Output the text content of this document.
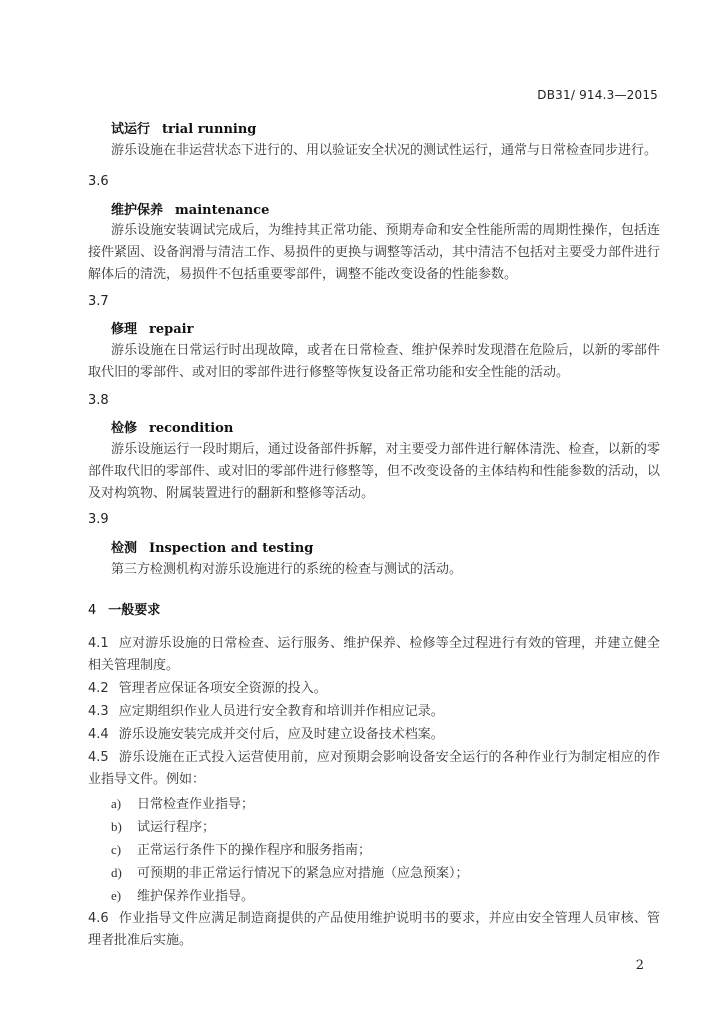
DB31/ 914.3—2015
试运行 trial running
游乐设施在非运营状态下进行的、用以验证安全状况的测试性运行，通常与日常检查同步进行。
3.6
维护保养 maintenance
游乐设施安装调试完成后，为维持其正常功能、预期寿命和安全性能所需的周期性操作，包括连接件紧固、设备润滑与清洁工作、易损件的更换与调整等活动，其中清洁不包括对主要受力部件进行解体后的清洗，易损件不包括重要零部件，调整不能改变设备的性能参数。
3.7
修理 repair
游乐设施在日常运行时出现故障，或者在日常检查、维护保养时发现潜在危险后，以新的零部件取代旧的零部件、或对旧的零部件进行修整等恢复设备正常功能和安全性能的活动。
3.8
检修 recondition
游乐设施运行一段时期后，通过设备部件拆解，对主要受力部件进行解体清洗、检查，以新的零部件取代旧的零部件、或对旧的零部件进行修整等，但不改变设备的主体结构和性能参数的活动，以及对构筑物、附属装置进行的翻新和整修等活动。
3.9
检测 Inspection and testing
第三方检测机构对游乐设施进行的系统的检查与测试的活动。
4 一般要求
4.1 应对游乐设施的日常检查、运行服务、维护保养、检修等全过程进行有效的管理，并建立健全相关管理制度。
4.2 管理者应保证各项安全资源的投入。
4.3 应定期组织作业人员进行安全教育和培训并作相应记录。
4.4 游乐设施安装完成并交付后，应及时建立设备技术档案。
4.5 游乐设施在正式投入运营使用前，应对预期会影响设备安全运行的各种作业行为制定相应的作业指导文件。例如：
a) 日常检查作业指导；
b) 试运行程序；
c) 正常运行条件下的操作程序和服务指南；
d) 可预期的非正常运行情况下的紧急应对措施（应急预案）；
e) 维护保养作业指导。
4.6 作业指导文件应满足制造商提供的产品使用维护说明书的要求，并应由安全管理人员审核、管理者批准后实施。
2
